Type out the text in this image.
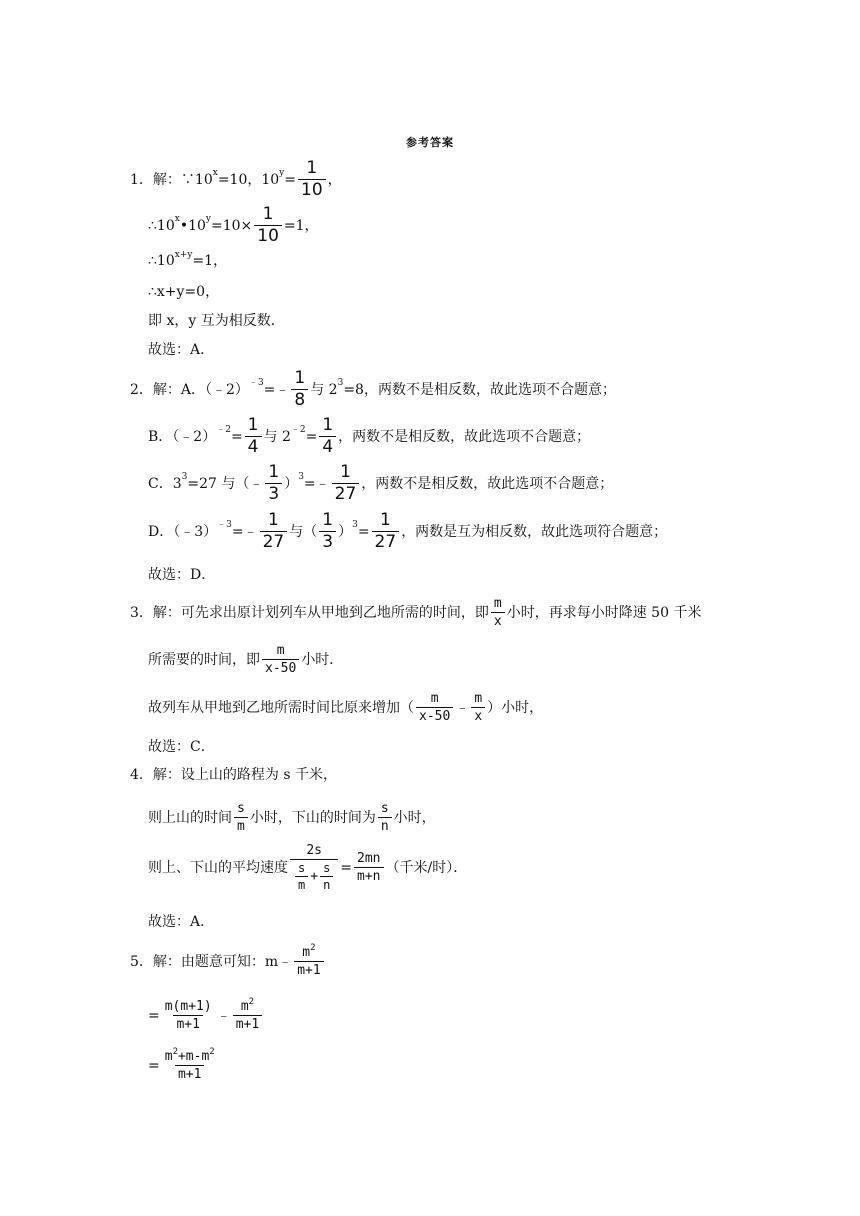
参考答案
1．解：∵10 x =10，10 $y = \frac{1}{10}$ ，
∴10 x •10 $y =10\times \frac{1}{10} =1$，
∴10 x+y =1，
∴x+y=0，
即 x，y 互为相反数．
故选：A．
2．解：A．（﹣2） ﹣3 =﹣ $\frac{1}{8}$ 与 2 3 =8，两数不是相反数，故此选项不合题意；
B．（﹣2） ﹣2 = $\frac{1}{4}$ 与 2 ﹣2 = $\frac{1}{4}$ ，两数不是相反数，故此选项不合题意；
C．3 3 =27 与（﹣ $\frac{1}{3}$ ） 3 =﹣ $\frac{1}{27}$ ，两数不是相反数，故此选项不合题意；
D．（﹣3） ﹣3 =﹣ $\frac{1}{27}$ 与（ $\frac{1}{3}$ ） $3 = \frac{1}{27}$ ，两数是互为相反数，故此选项符合题意；
故选：D．
3．解：可先求出原计划列车从甲地到乙地所需的时间，即 $\frac{m}{x}$ 小时，再求每小时降速 50 千米
所需要的时间，即 $\frac{m}{x-50}$ 小时．
故列车从甲地到乙地所需时间比原来增加（ $\frac{m}{x-50}$ ﹣ $\frac{m}{x}$ ）小时，
故选：C．
4．解：设上山的路程为 s 千米，
则上山的时间 $\frac{s}{m}$ 小时，下山的时间为 $\frac{s}{n}$ 小时，
则上、下山的平均速度 $\frac{2s}{\frac{s}{m} + \frac{s}{n}} = \frac{2mn}{m+n}$ （千米/时）．
故选：A．
5．解：由题意可知：m﹣ $\frac{m^2}{m+1}$
= $\frac{m(m+1)}{m+1}$ ﹣ $\frac{m^2}{m+1}$
= $\frac{m^2+m-m^2}{m+1}$
